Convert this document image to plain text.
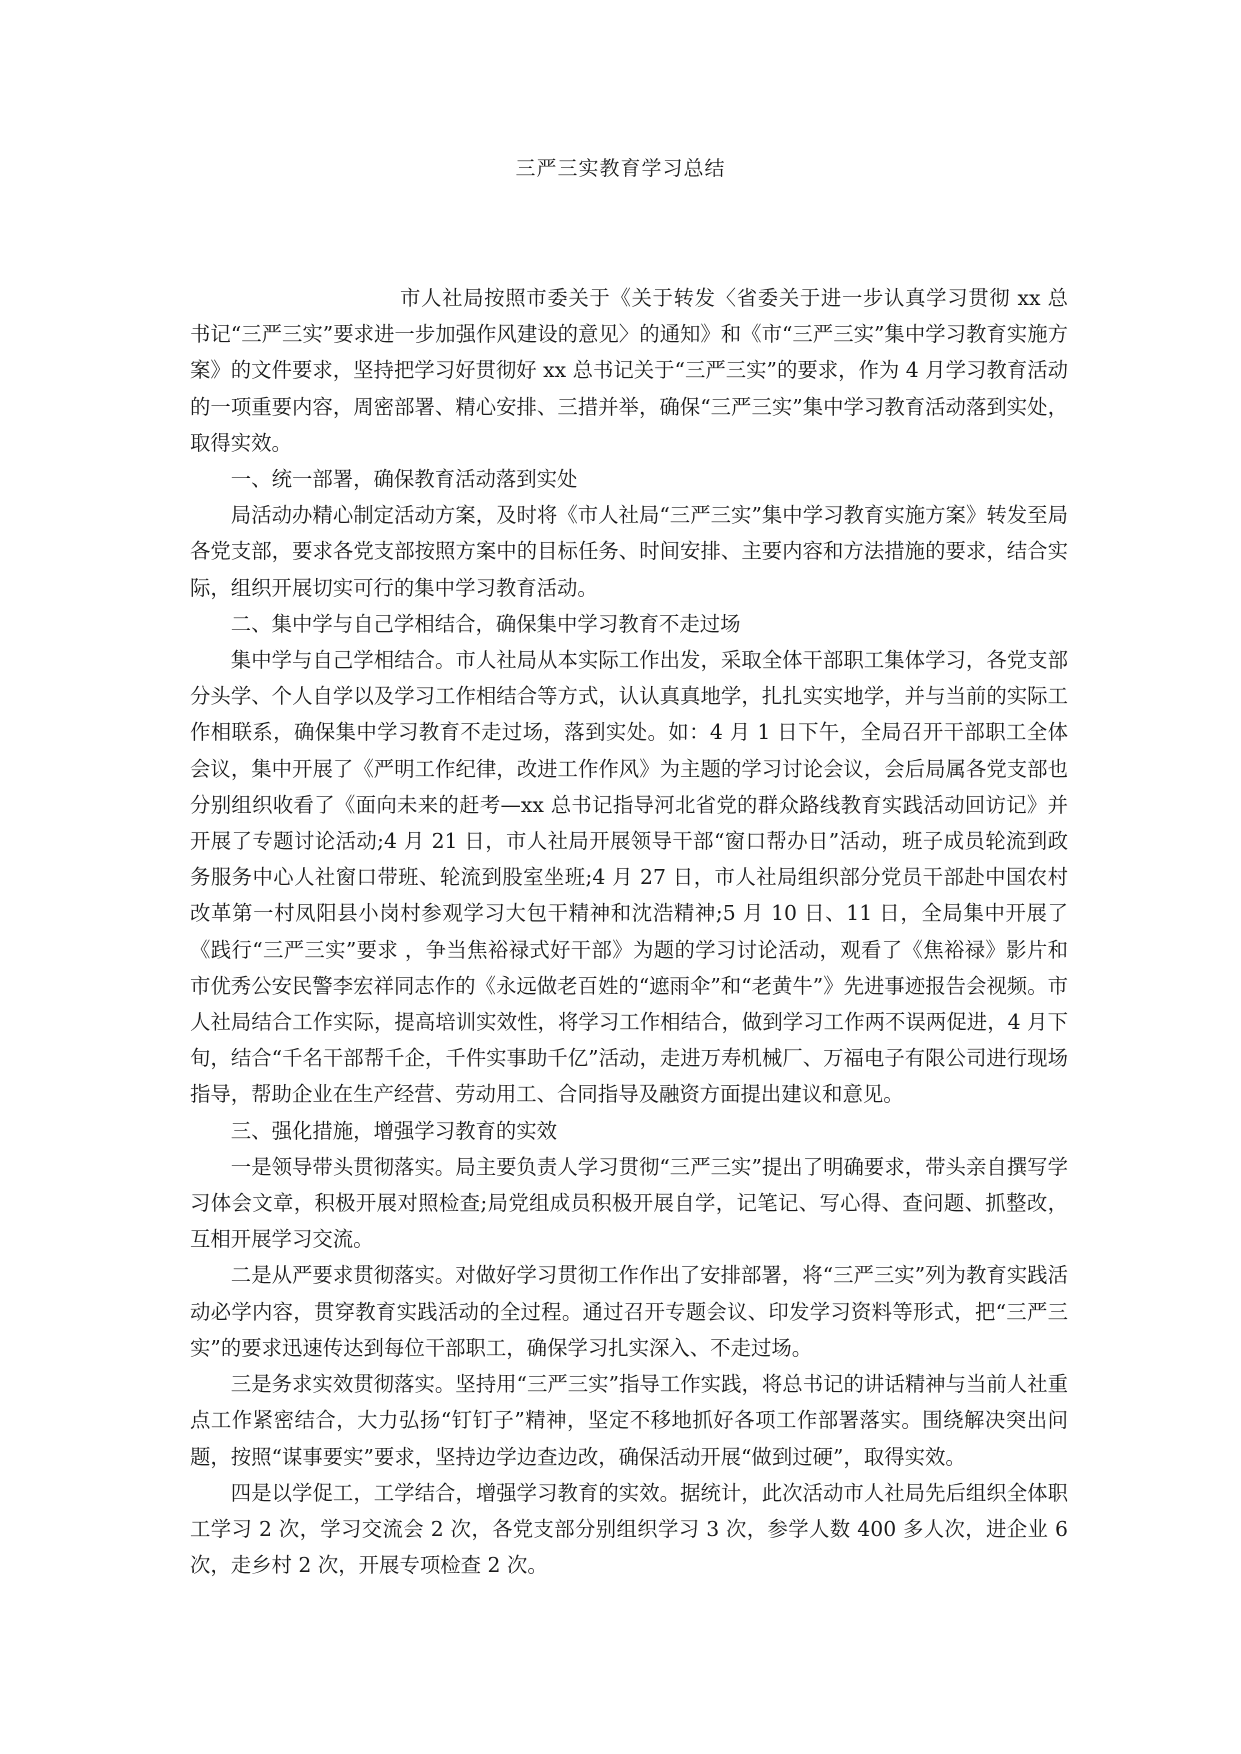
三严三实教育学习总结

市人社局按照市委关于《关于转发〈省委关于进一步认真学习贯彻 xx 总书记“三严三实”要求进一步加强作风建设的意见〉的通知》和《市“三严三实”集中学习教育实施方案》的文件要求，坚持把学习好贯彻好 xx 总书记关于“三严三实”的要求，作为 4 月学习教育活动的一项重要内容，周密部署、精心安排、三措并举，确保“三严三实”集中学习教育活动落到实处，取得实效。

一、统一部署，确保教育活动落到实处

局活动办精心制定活动方案，及时将《市人社局“三严三实”集中学习教育实施方案》转发至局各党支部，要求各党支部按照方案中的目标任务、时间安排、主要内容和方法措施的要求，结合实际，组织开展切实可行的集中学习教育活动。

二、集中学与自己学相结合，确保集中学习教育不走过场

集中学与自己学相结合。市人社局从本实际工作出发，采取全体干部职工集体学习，各党支部分头学、个人自学以及学习工作相结合等方式，认认真真地学，扎扎实实地学，并与当前的实际工作相联系，确保集中学习教育不走过场，落到实处。如：4 月 1 日下午，全局召开干部职工全体会议，集中开展了《严明工作纪律，改进工作作风》为主题的学习讨论会议，会后局属各党支部也分别组织收看了《面向未来的赶考—xx 总书记指导河北省党的群众路线教育实践活动回访记》并开展了专题讨论活动;4 月 21 日，市人社局开展领导干部“窗口帮办日”活动，班子成员轮流到政务服务中心人社窗口带班、轮流到股室坐班;4 月 27 日，市人社局组织部分党员干部赴中国农村改革第一村凤阳县小岗村参观学习大包干精神和沈浩精神;5 月 10 日、11 日，全局集中开展了《践行“三严三实”要求 ，争当焦裕禄式好干部》为题的学习讨论活动，观看了《焦裕禄》影片和市优秀公安民警李宏祥同志作的《永远做老百姓的“遮雨伞”和“老黄牛”》先进事迹报告会视频。市人社局结合工作实际，提高培训实效性，将学习工作相结合，做到学习工作两不误两促进，4 月下旬，结合“千名干部帮千企，千件实事助千亿”活动，走进万寿机械厂、万福电子有限公司进行现场指导，帮助企业在生产经营、劳动用工、合同指导及融资方面提出建议和意见。

三、强化措施，增强学习教育的实效

一是领导带头贯彻落实。局主要负责人学习贯彻“三严三实”提出了明确要求，带头亲自撰写学习体会文章，积极开展对照检查;局党组成员积极开展自学，记笔记、写心得、查问题、抓整改，互相开展学习交流。

二是从严要求贯彻落实。对做好学习贯彻工作作出了安排部署，将“三严三实”列为教育实践活动必学内容，贯穿教育实践活动的全过程。通过召开专题会议、印发学习资料等形式，把“三严三实”的要求迅速传达到每位干部职工，确保学习扎实深入、不走过场。

三是务求实效贯彻落实。坚持用“三严三实”指导工作实践，将总书记的讲话精神与当前人社重点工作紧密结合，大力弘扬“钉钉子”精神，坚定不移地抓好各项工作部署落实。围绕解决突出问题，按照“谋事要实”要求，坚持边学边查边改，确保活动开展“做到过硬”，取得实效。

四是以学促工，工学结合，增强学习教育的实效。据统计，此次活动市人社局先后组织全体职工学习 2 次，学习交流会 2 次，各党支部分别组织学习 3 次，参学人数 400 多人次，进企业 6 次，走乡村 2 次，开展专项检查 2 次。
